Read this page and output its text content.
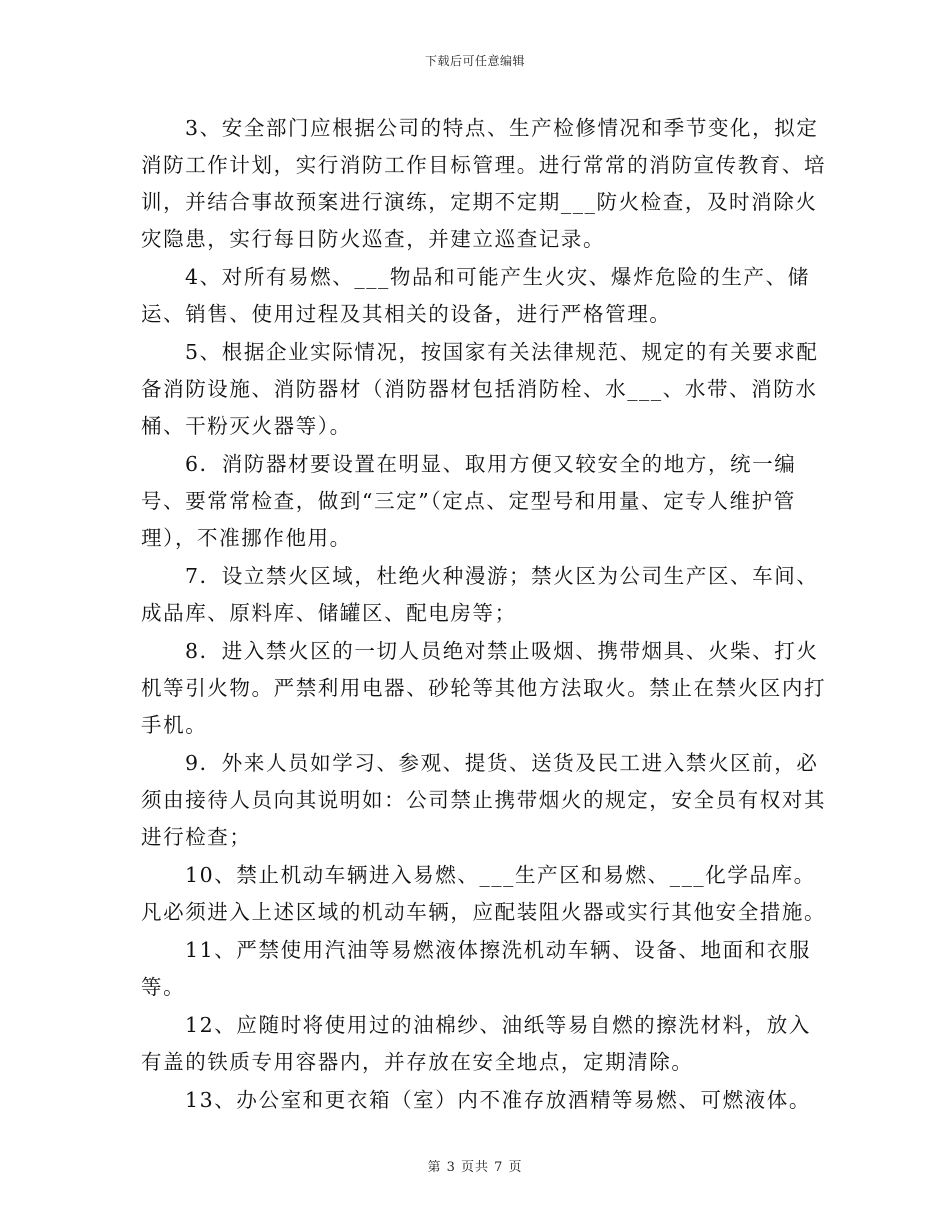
下载后可任意编辑

3、安全部门应根据公司的特点、生产检修情况和季节变化，拟定消防工作计划，实行消防工作目标管理。进行常常的消防宣传教育、培训，并结合事故预案进行演练，定期不定期___防火检查，及时消除火灾隐患，实行每日防火巡查，并建立巡查记录。

4、对所有易燃、___物品和可能产生火灾、爆炸危险的生产、储运、销售、使用过程及其相关的设备，进行严格管理。

5、根据企业实际情况，按国家有关法律规范、规定的有关要求配备消防设施、消防器材（消防器材包括消防栓、水___、水带、消防水桶、干粉灭火器等）。

6．消防器材要设置在明显、取用方便又较安全的地方，统一编号、要常常检查，做到“三定”（定点、定型号和用量、定专人维护管理），不准挪作他用。

7．设立禁火区域，杜绝火种漫游；禁火区为公司生产区、车间、成品库、原料库、储罐区、配电房等；

8．进入禁火区的一切人员绝对禁止吸烟、携带烟具、火柴、打火机等引火物。严禁利用电器、砂轮等其他方法取火。禁止在禁火区内打手机。

9．外来人员如学习、参观、提货、送货及民工进入禁火区前，必须由接待人员向其说明如：公司禁止携带烟火的规定，安全员有权对其进行检查；

10、禁止机动车辆进入易燃、___生产区和易燃、___化学品库。凡必须进入上述区域的机动车辆，应配装阻火器或实行其他安全措施。

11、严禁使用汽油等易燃液体擦洗机动车辆、设备、地面和衣服等。

12、应随时将使用过的油棉纱、油纸等易自燃的擦洗材料，放入有盖的铁质专用容器内，并存放在安全地点，定期清除。

13、办公室和更衣箱（室）内不准存放酒精等易燃、可燃液体。

第 3 页共 7 页
